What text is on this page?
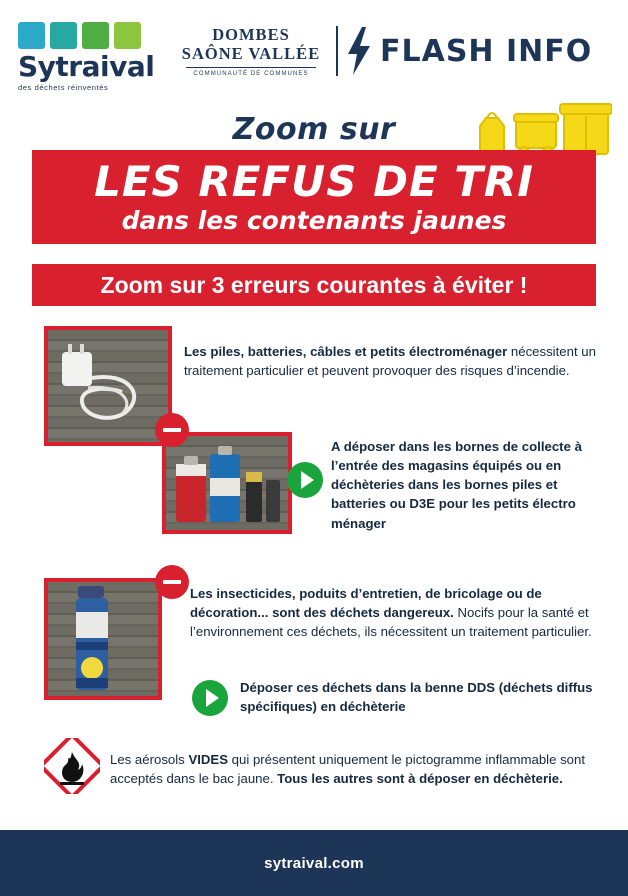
Sytraival
des déchets réinventés
DOMBES
SAÔNE VALLÉE
COMMUNAUTÉ DE COMMUNES
FLASH INFO
Zoom sur
LES REFUS DE TRI
dans les contenants jaunes
Zoom sur 3 erreurs courantes à éviter !
Les piles, batteries, câbles et petits électroménager nécessitent un traitement particulier et peuvent provoquer des risques d’incendie.
A déposer dans les bornes de collecte à l’entrée des magasins équipés ou en déchèteries dans les bornes piles et batteries ou D3E pour les petits électro ménager
Les insecticides, poduits d’entretien, de bricolage ou de décoration... sont des déchets dangereux. Nocifs pour la santé et l’environnement ces déchets, ils nécessitent un traitement particulier.
Déposer ces déchets dans la benne DDS (déchets diffus spécifiques) en déchèterie
Les aérosols VIDES qui présentent uniquement le pictogramme inflammable sont acceptés dans le bac jaune. Tous les autres sont à déposer en déchèterie.
sytraival.com
